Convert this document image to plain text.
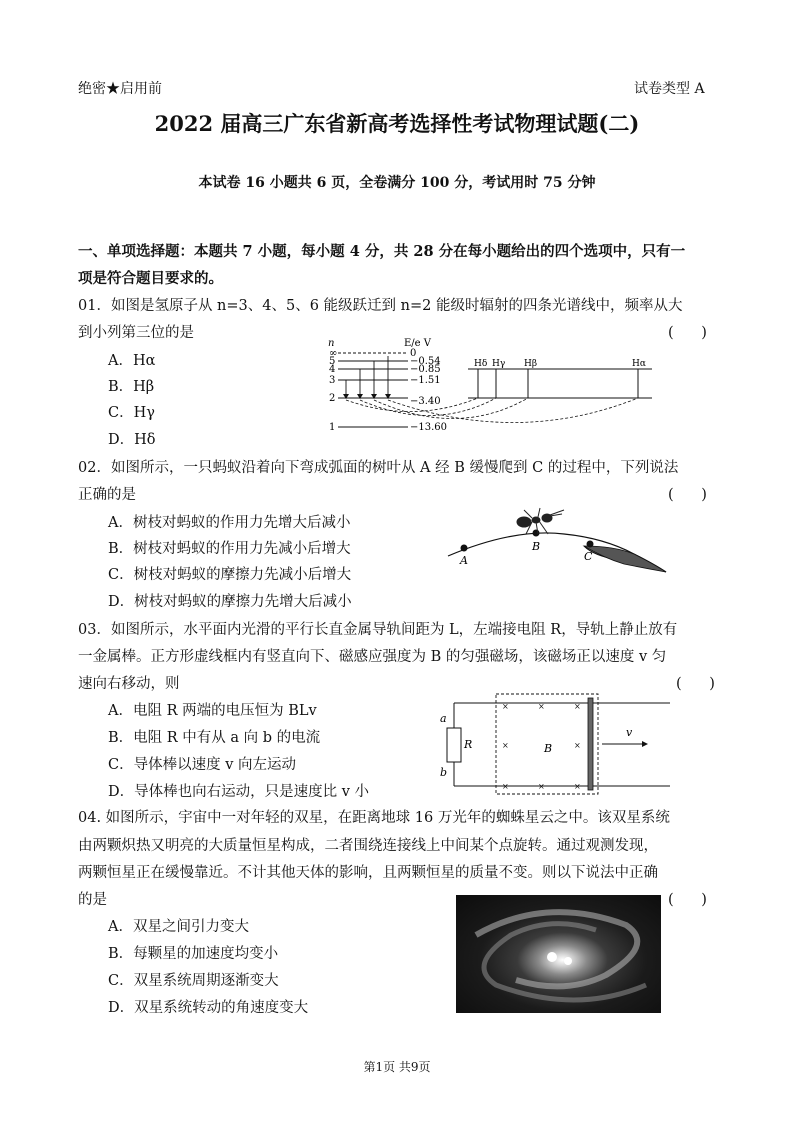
绝密★启用前	试卷类型 A
2022 届高三广东省新高考选择性考试物理试题(二)
本试卷 16 小题共 6 页，全卷满分 100 分，考试用时 75 分钟
一、单项选择题：本题共 7 小题，每小题 4 分，共 28 分在每小题给出的四个选项中，只有一
项是符合题目要求的。
01．如图是氢原子从 n=3、4、5、6 能级跃迁到 n=2 能级时辐射的四条光谱线中，频率从大
到小列第三位的是	(      )
A．Hα
B．Hβ
C．Hγ
D．Hδ
n	E/e V
∞
5
4
3
2
1
0
−0.54
−0.85
−1.51
−3.40
−13.60
Hδ Hγ Hβ	Hα
02．如图所示，一只蚂蚁沿着向下弯成弧面的树叶从 A 经 B 缓慢爬到 C 的过程中，下列说法
正确的是	(      )
A．树枝对蚂蚁的作用力先增大后减小
B．树枝对蚂蚁的作用力先减小后增大
C．树枝对蚂蚁的摩擦力先减小后增大
D．树枝对蚂蚁的摩擦力先增大后减小
A
B
C
03．如图所示，水平面内光滑的平行长直金属导轨间距为 L，左端接电阻 R，导轨上静止放有
一金属棒。正方形虚线框内有竖直向下、磁感应强度为 B 的匀强磁场，该磁场正以速度 v 匀
速向右移动，则	(      )
A．电阻 R 两端的电压恒为 BLv
B．电阻 R 中有从 a 向 b 的电流
C．导体棒以速度 v 向左运动
D．导体棒也向右运动，只是速度比 v 小
R
a
b
×	×	×
×	×
×	×	×
B
v
04. 如图所示，宇宙中一对年轻的双星，在距离地球 16 万光年的蜘蛛星云之中。该双星系统
由两颗炽热又明亮的大质量恒星构成，二者围绕连接线上中间某个点旋转。通过观测发现，
两颗恒星正在缓慢靠近。不计其他天体的影响，且两颗恒星的质量不变。则以下说法中正确
的是	(      )
A．双星之间引力变大
B．每颗星的加速度均变小
C．双星系统周期逐渐变大
D．双星系统转动的角速度变大
第1页 共9页
